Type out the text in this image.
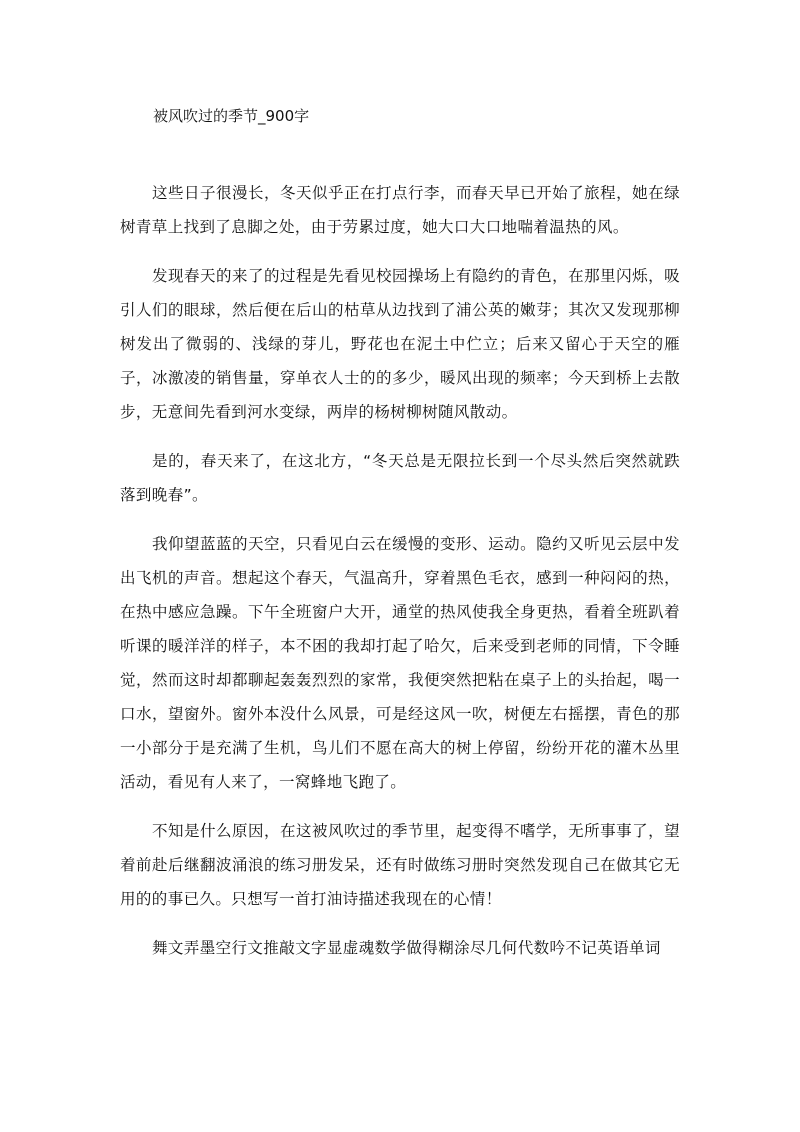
被风吹过的季节_900字

这些日子很漫长，冬天似乎正在打点行李，而春天早已开始了旅程，她在绿树青草上找到了息脚之处，由于劳累过度，她大口大口地喘着温热的风。

发现春天的来了的过程是先看见校园操场上有隐约的青色，在那里闪烁，吸引人们的眼球，然后便在后山的枯草从边找到了浦公英的嫩芽；其次又发现那柳树发出了微弱的、浅绿的芽儿，野花也在泥土中伫立；后来又留心于天空的雁子，冰激凌的销售量，穿单衣人士的的多少，暖风出现的频率；今天到桥上去散步，无意间先看到河水变绿，两岸的杨树柳树随风散动。

是的，春天来了，在这北方，“冬天总是无限拉长到一个尽头然后突然就跌落到晚春”。

我仰望蓝蓝的天空，只看见白云在缓慢的变形、运动。隐约又听见云层中发出飞机的声音。想起这个春天，气温高升，穿着黑色毛衣，感到一种闷闷的热，在热中感应急躁。下午全班窗户大开，通堂的热风使我全身更热，看着全班趴着听课的暖洋洋的样子，本不困的我却打起了哈欠，后来受到老师的同情，下令睡觉，然而这时却都聊起轰轰烈烈的家常，我便突然把粘在桌子上的头抬起，喝一口水，望窗外。窗外本没什么风景，可是经这风一吹，树便左右摇摆，青色的那一小部分于是充满了生机，鸟儿们不愿在高大的树上停留，纷纷开花的灌木丛里活动，看见有人来了，一窝蜂地飞跑了。

不知是什么原因，在这被风吹过的季节里，起变得不嗜学，无所事事了，望着前赴后继翻波涌浪的练习册发呆，还有时做练习册时突然发现自己在做其它无用的的事已久。只想写一首打油诗描述我现在的心情！

舞文弄墨空行文推敲文字显虚魂数学做得糊涂尽几何代数吟不记英语单词
